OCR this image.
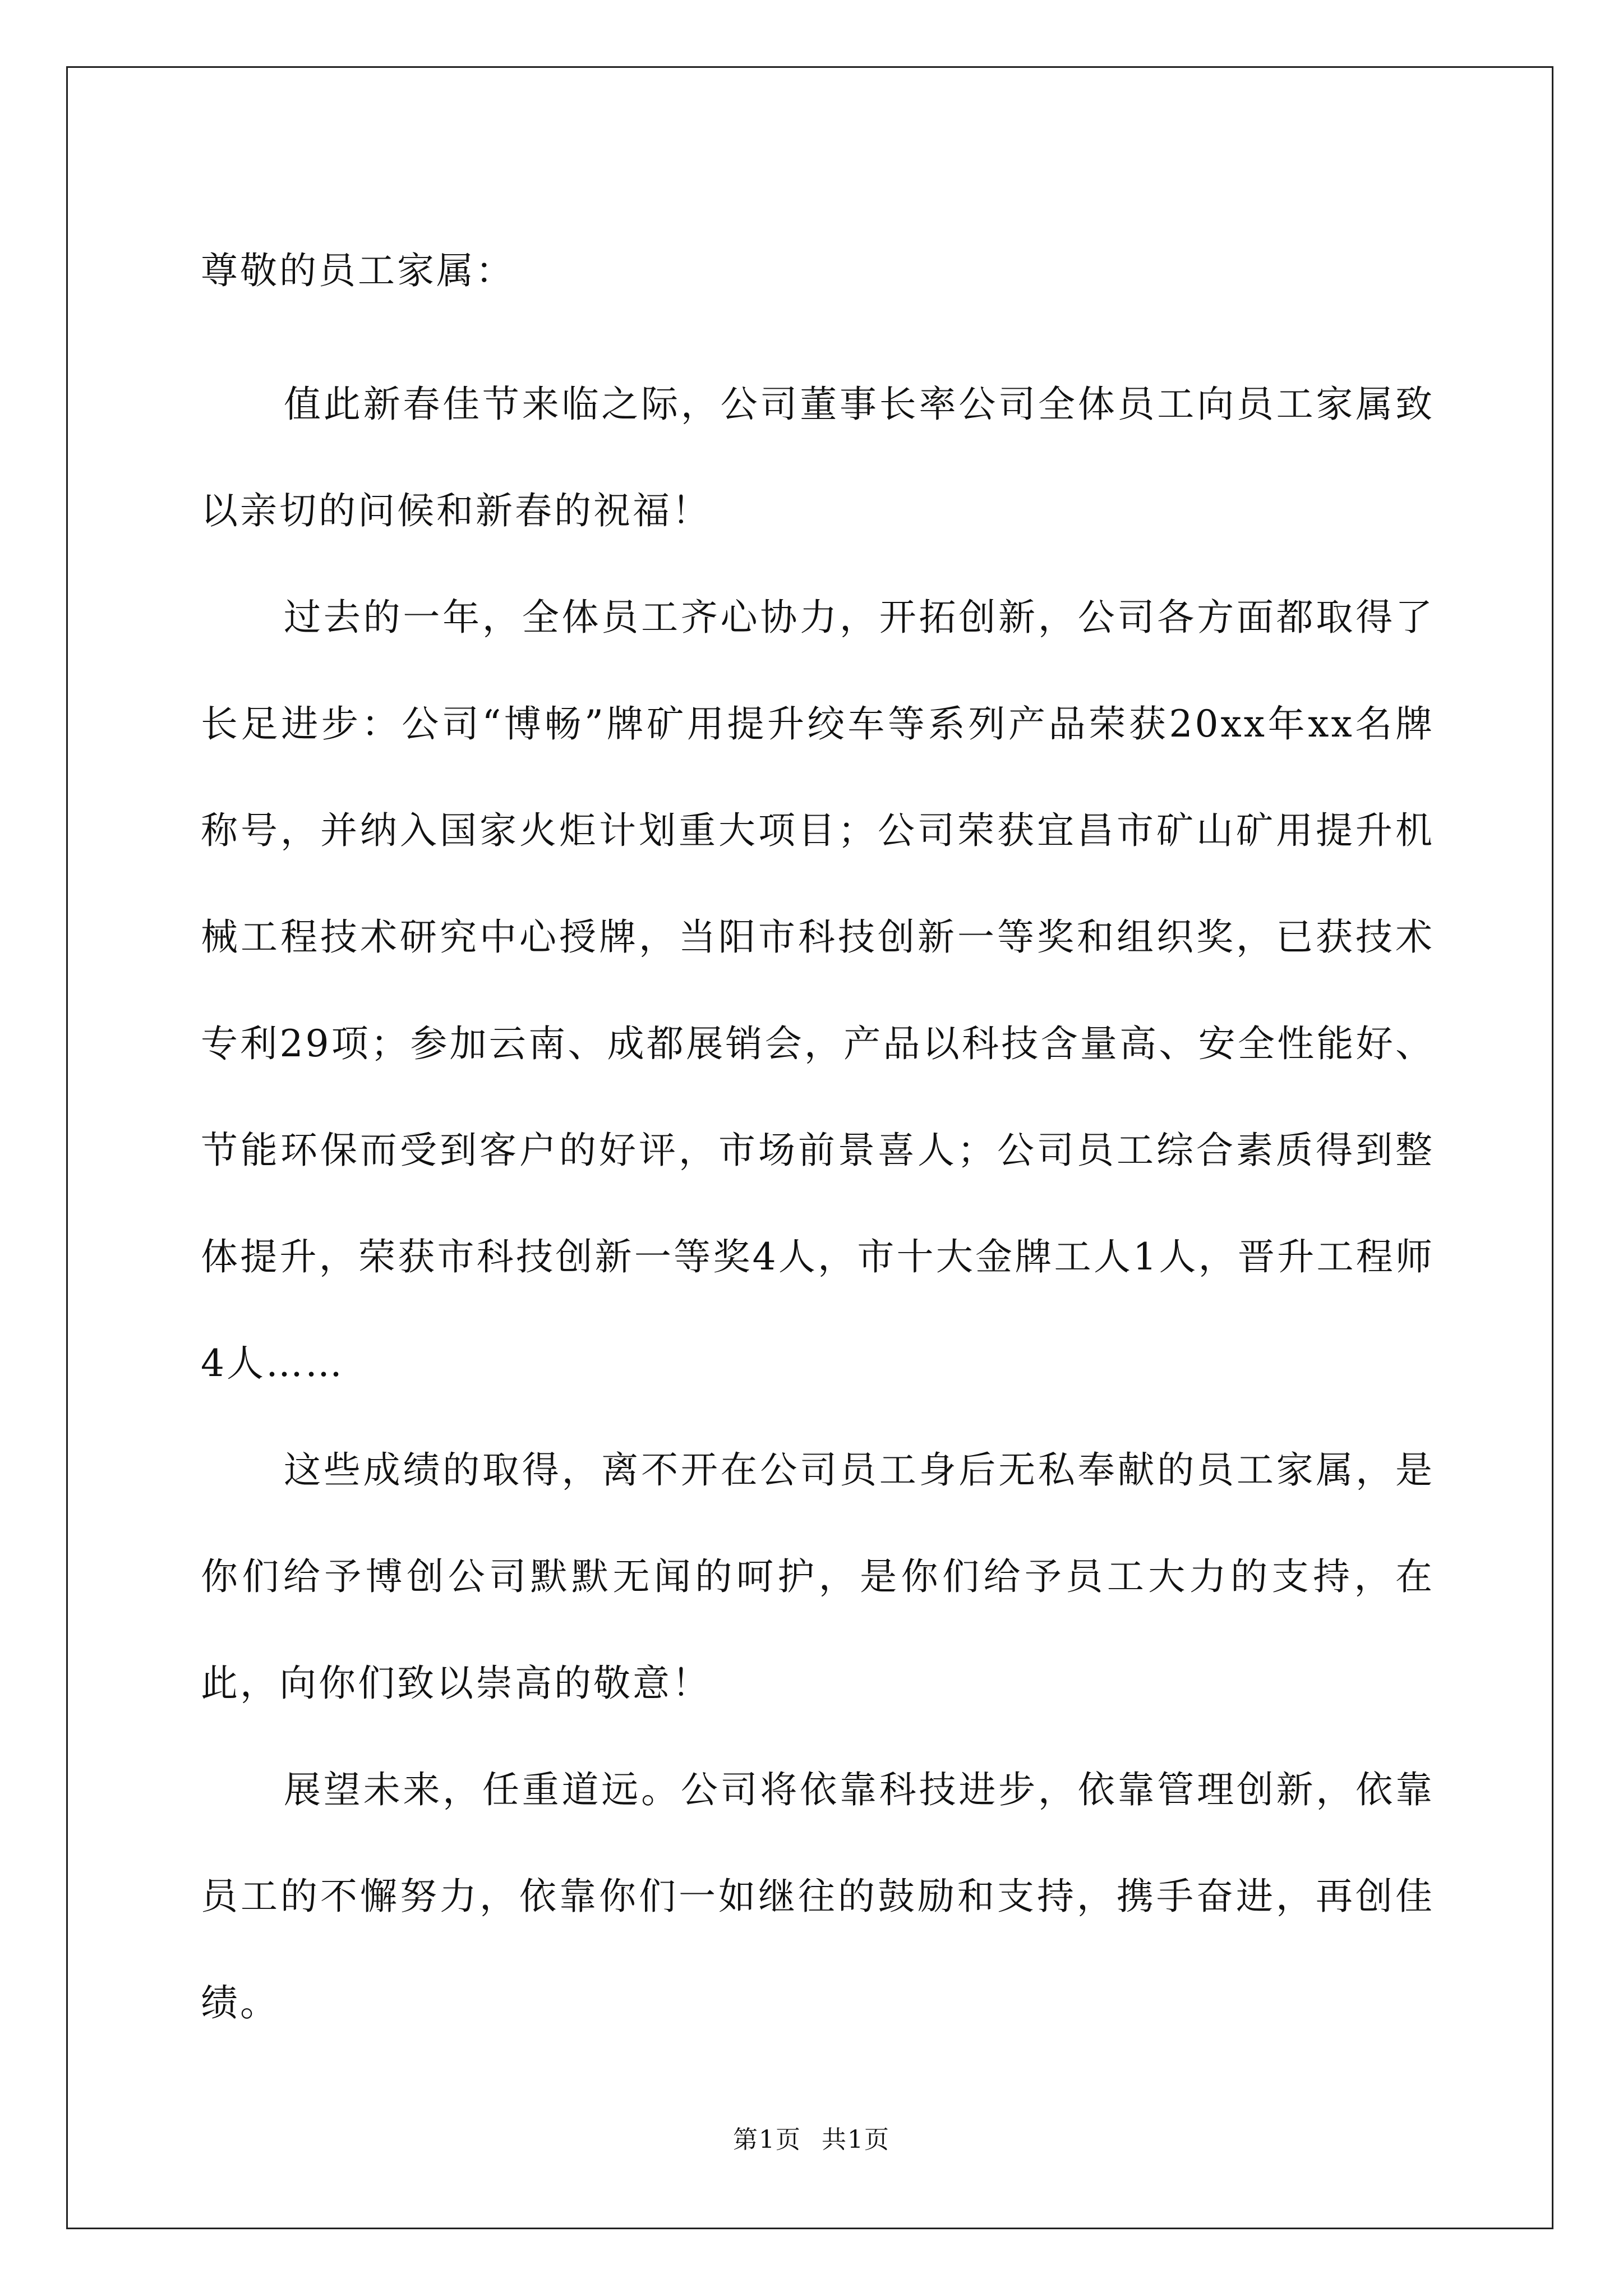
尊敬的员工家属：

值此新春佳节来临之际，公司董事长率公司全体员工向员工家属致以亲切的问候和新春的祝福！

过去的一年，全体员工齐心协力，开拓创新，公司各方面都取得了长足进步：公司“博畅”牌矿用提升绞车等系列产品荣获20xx年xx名牌称号，并纳入国家火炬计划重大项目；公司荣获宜昌市矿山矿用提升机械工程技术研究中心授牌，当阳市科技创新一等奖和组织奖，已获技术专利29项；参加云南、成都展销会，产品以科技含量高、安全性能好、节能环保而受到客户的好评，市场前景喜人；公司员工综合素质得到整体提升，荣获市科技创新一等奖4人，市十大金牌工人1人，晋升工程师4人……

这些成绩的取得，离不开在公司员工身后无私奉献的员工家属，是你们给予博创公司默默无闻的呵护，是你们给予员工大力的支持，在此，向你们致以崇高的敬意！

展望未来，任重道远。公司将依靠科技进步，依靠管理创新，依靠员工的不懈努力，依靠你们一如继往的鼓励和支持，携手奋进，再创佳绩。

第1页 共1页
